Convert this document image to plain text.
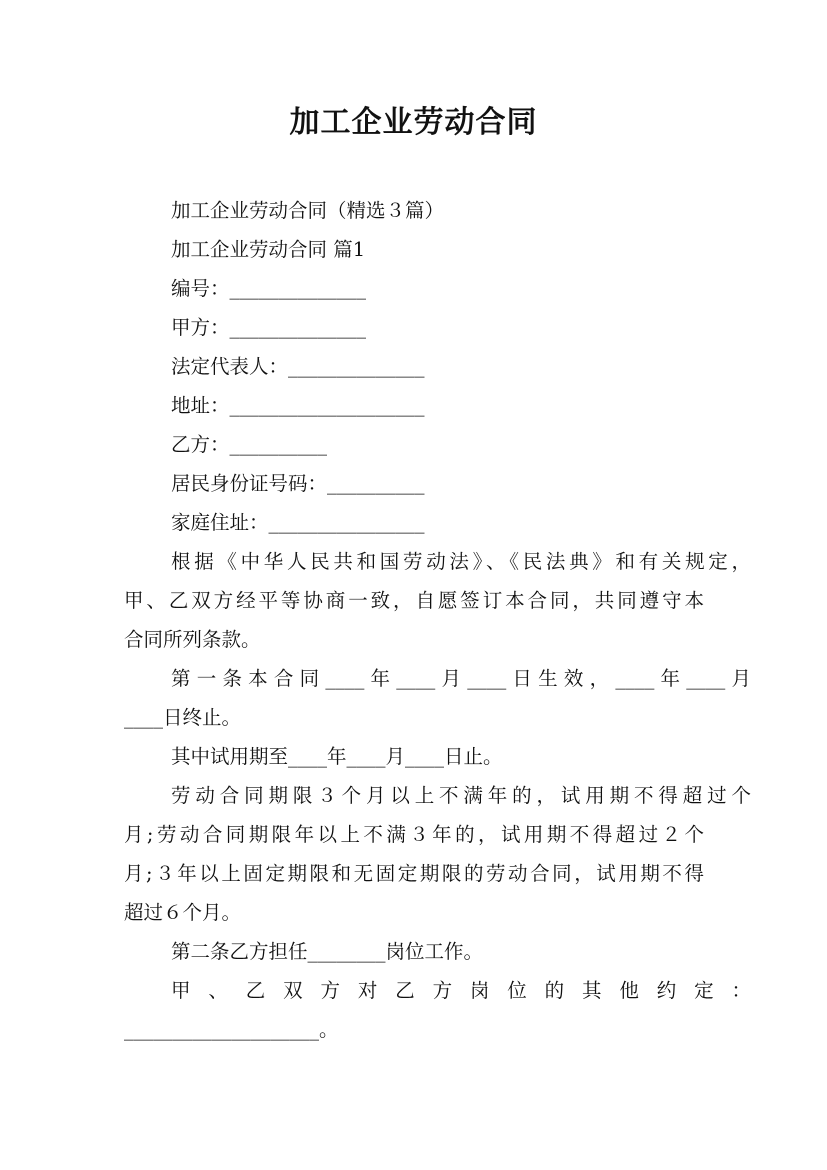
加工企业劳动合同
加工企业劳动合同（精选３篇）
加工企业劳动合同 篇1
编号：______________
甲方：______________
法定代表人：______________
地址：____________________
乙方：__________
居民身份证号码：__________
家庭住址：________________
根据《中华人民共和国劳动法》、《民法典》和有关规定，
甲、乙双方经平等协商一致，自愿签订本合同，共同遵守本
合同所列条款。
第一条本合同____年____月____日生效，____年____月
____日终止。
其中试用期至____年____月____日止。
劳动合同期限３个月以上不满年的，试用期不得超过个
月;劳动合同期限年以上不满３年的，试用期不得超过２个
月;３年以上固定期限和无固定期限的劳动合同，试用期不得
超过６个月。
第二条乙方担任________岗位工作。
甲 、 乙 双 方 对 乙 方 岗 位 的 其 他 约 定 ：
____________________。
